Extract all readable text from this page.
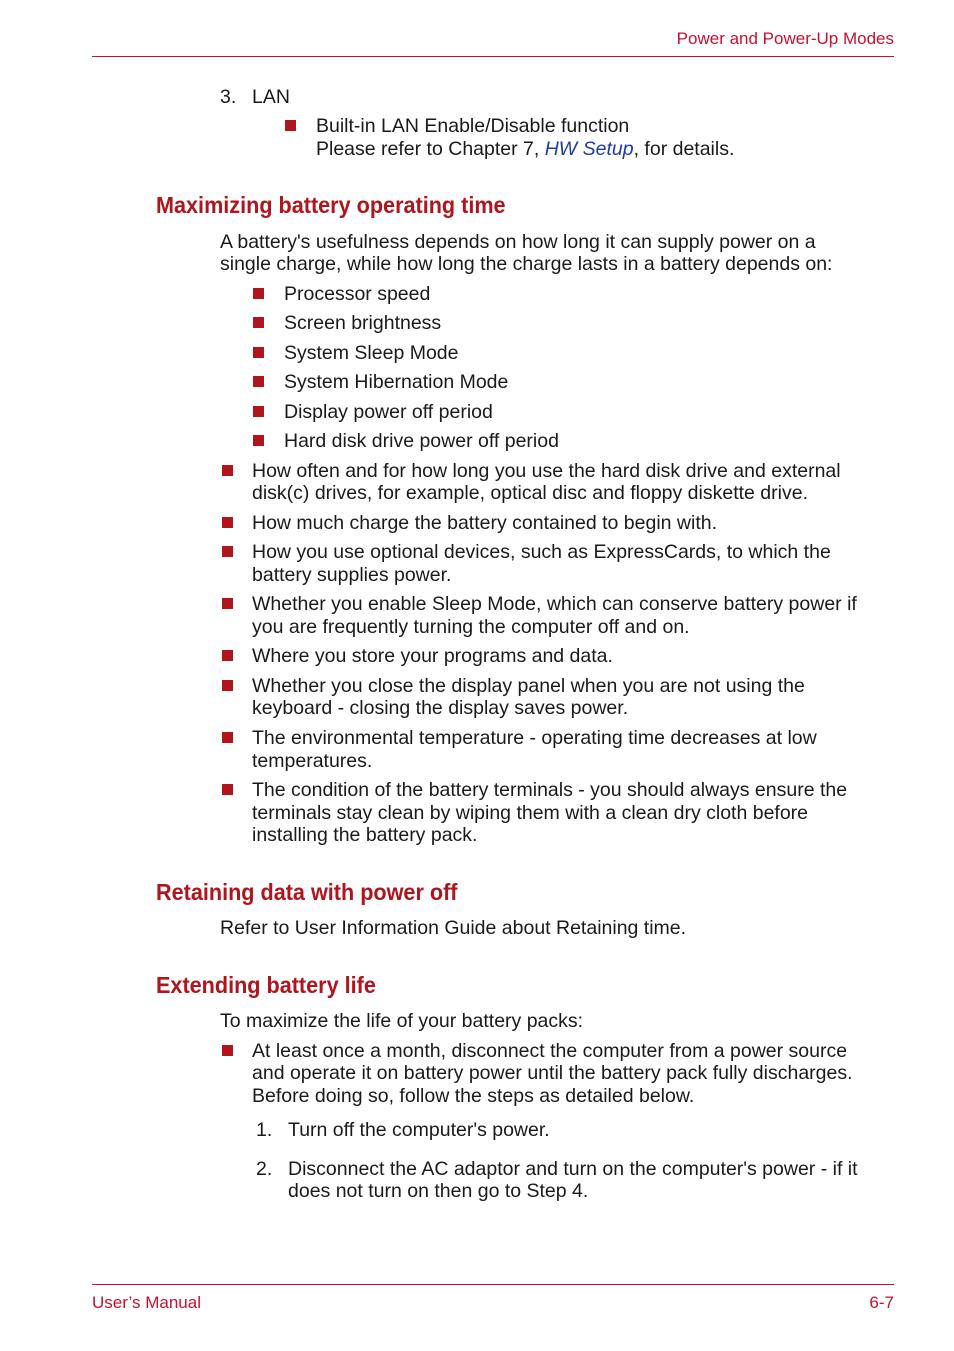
Power and Power-Up Modes
3. LAN
Built-in LAN Enable/Disable function
Please refer to Chapter 7, HW Setup, for details.
Maximizing battery operating time
A battery's usefulness depends on how long it can supply power on a
single charge, while how long the charge lasts in a battery depends on:
Processor speed
Screen brightness
System Sleep Mode
System Hibernation Mode
Display power off period
Hard disk drive power off period
How often and for how long you use the hard disk drive and external
disk(c) drives, for example, optical disc and floppy diskette drive.
How much charge the battery contained to begin with.
How you use optional devices, such as ExpressCards, to which the
battery supplies power.
Whether you enable Sleep Mode, which can conserve battery power if
you are frequently turning the computer off and on.
Where you store your programs and data.
Whether you close the display panel when you are not using the
keyboard - closing the display saves power.
The environmental temperature - operating time decreases at low
temperatures.
The condition of the battery terminals - you should always ensure the
terminals stay clean by wiping them with a clean dry cloth before
installing the battery pack.
Retaining data with power off
Refer to User Information Guide about Retaining time.
Extending battery life
To maximize the life of your battery packs:
At least once a month, disconnect the computer from a power source
and operate it on battery power until the battery pack fully discharges.
Before doing so, follow the steps as detailed below.
1. Turn off the computer's power.
2. Disconnect the AC adaptor and turn on the computer's power - if it
does not turn on then go to Step 4.
User’s Manual	6-7
